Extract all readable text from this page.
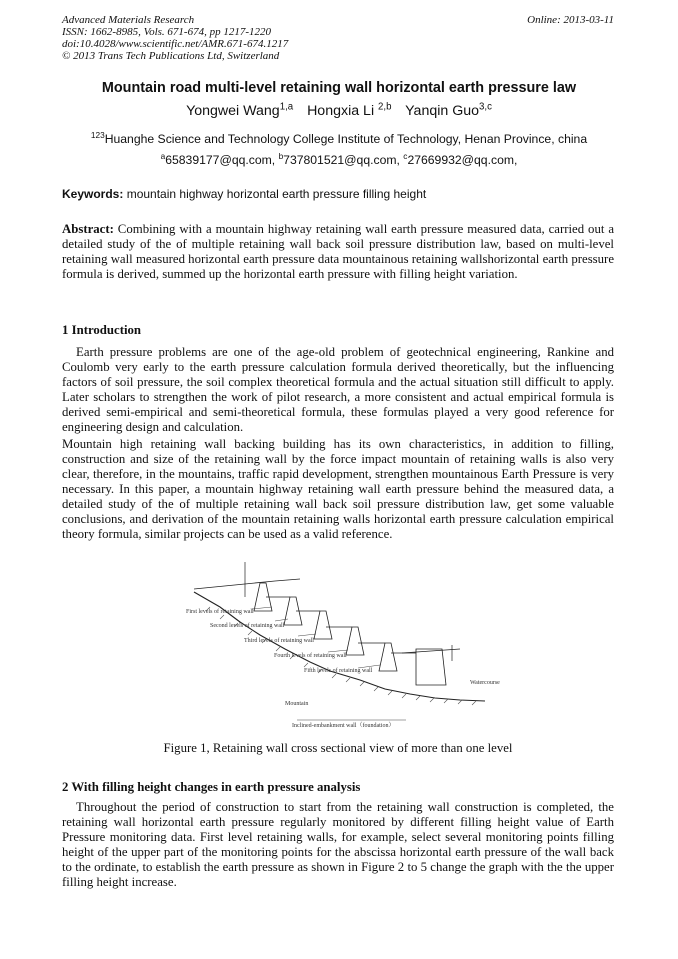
Advanced Materials Research
ISSN: 1662-8985, Vols. 671-674, pp 1217-1220
doi:10.4028/www.scientific.net/AMR.671-674.1217
© 2013 Trans Tech Publications Ltd, Switzerland
Online: 2013-03-11
Mountain road multi-level retaining wall horizontal earth pressure law
Yongwei Wang$^{1,a}$ Hongxia Li $^{2,b}$ Yanqin Guo$^{3,c}$
$^{123}$Huanghe Science and Technology College Institute of Technology, Henan Province, china
$^a$65839177@qq.com, $^b$737801521@qq.com, $^c$27669932@qq.com,
Keywords: mountain highway horizontal earth pressure filling height
Abstract: Combining with a mountain highway retaining wall earth pressure measured data, carried out a detailed study of the of multiple retaining wall back soil pressure distribution law, based on multi-level retaining wall measured horizontal earth pressure data mountainous retaining wallshorizontal earth pressure formula is derived, summed up the horizontal earth pressure with filling height variation.
1 Introduction
Earth pressure problems are one of the age-old problem of geotechnical engineering, Rankine and Coulomb very early to the earth pressure calculation formula derived theoretically, but the influencing factors of soil pressure, the soil complex theoretical formula and the actual situation still difficult to apply. Later scholars to strengthen the work of pilot research, a more consistent and actual empirical formula is derived semi-empirical and semi-theoretical formula, these formulas played a very good reference for engineering design and calculation.
Mountain high retaining wall backing building has its own characteristics, in addition to filling, construction and size of the retaining wall by the force impact mountain of retaining walls is also very clear, therefore, in the mountains, traffic rapid development, strengthen mountainous Earth Pressure is very necessary. In this paper, a mountain highway retaining wall earth pressure behind the measured data, a detailed study of the of multiple retaining wall back soil pressure distribution law, get some valuable conclusions, and derivation of the mountain retaining walls horizontal earth pressure calculation empirical theory formula, similar projects can be used as a valid reference.
First levels of retaining wall
Second levels of retaining wall
Third levels of retaining wall
Fourth levels of retaining wall
Fifth levels of retaining wall
Watercourse
Mountain
Inclined-embankment wall（foundation）
Figure 1, Retaining wall cross sectional view of more than one level
2 With filling height changes in earth pressure analysis
Throughout the period of construction to start from the retaining wall construction is completed, the retaining wall horizontal earth pressure regularly monitored by different filling height value of Earth Pressure monitoring data. First level retaining walls, for example, select several monitoring points filling height of the upper part of the monitoring points for the abscissa horizontal earth pressure of the wall back to the ordinate, to establish the earth pressure as shown in Figure 2 to 5 change the graph with the the upper filling height increase.
